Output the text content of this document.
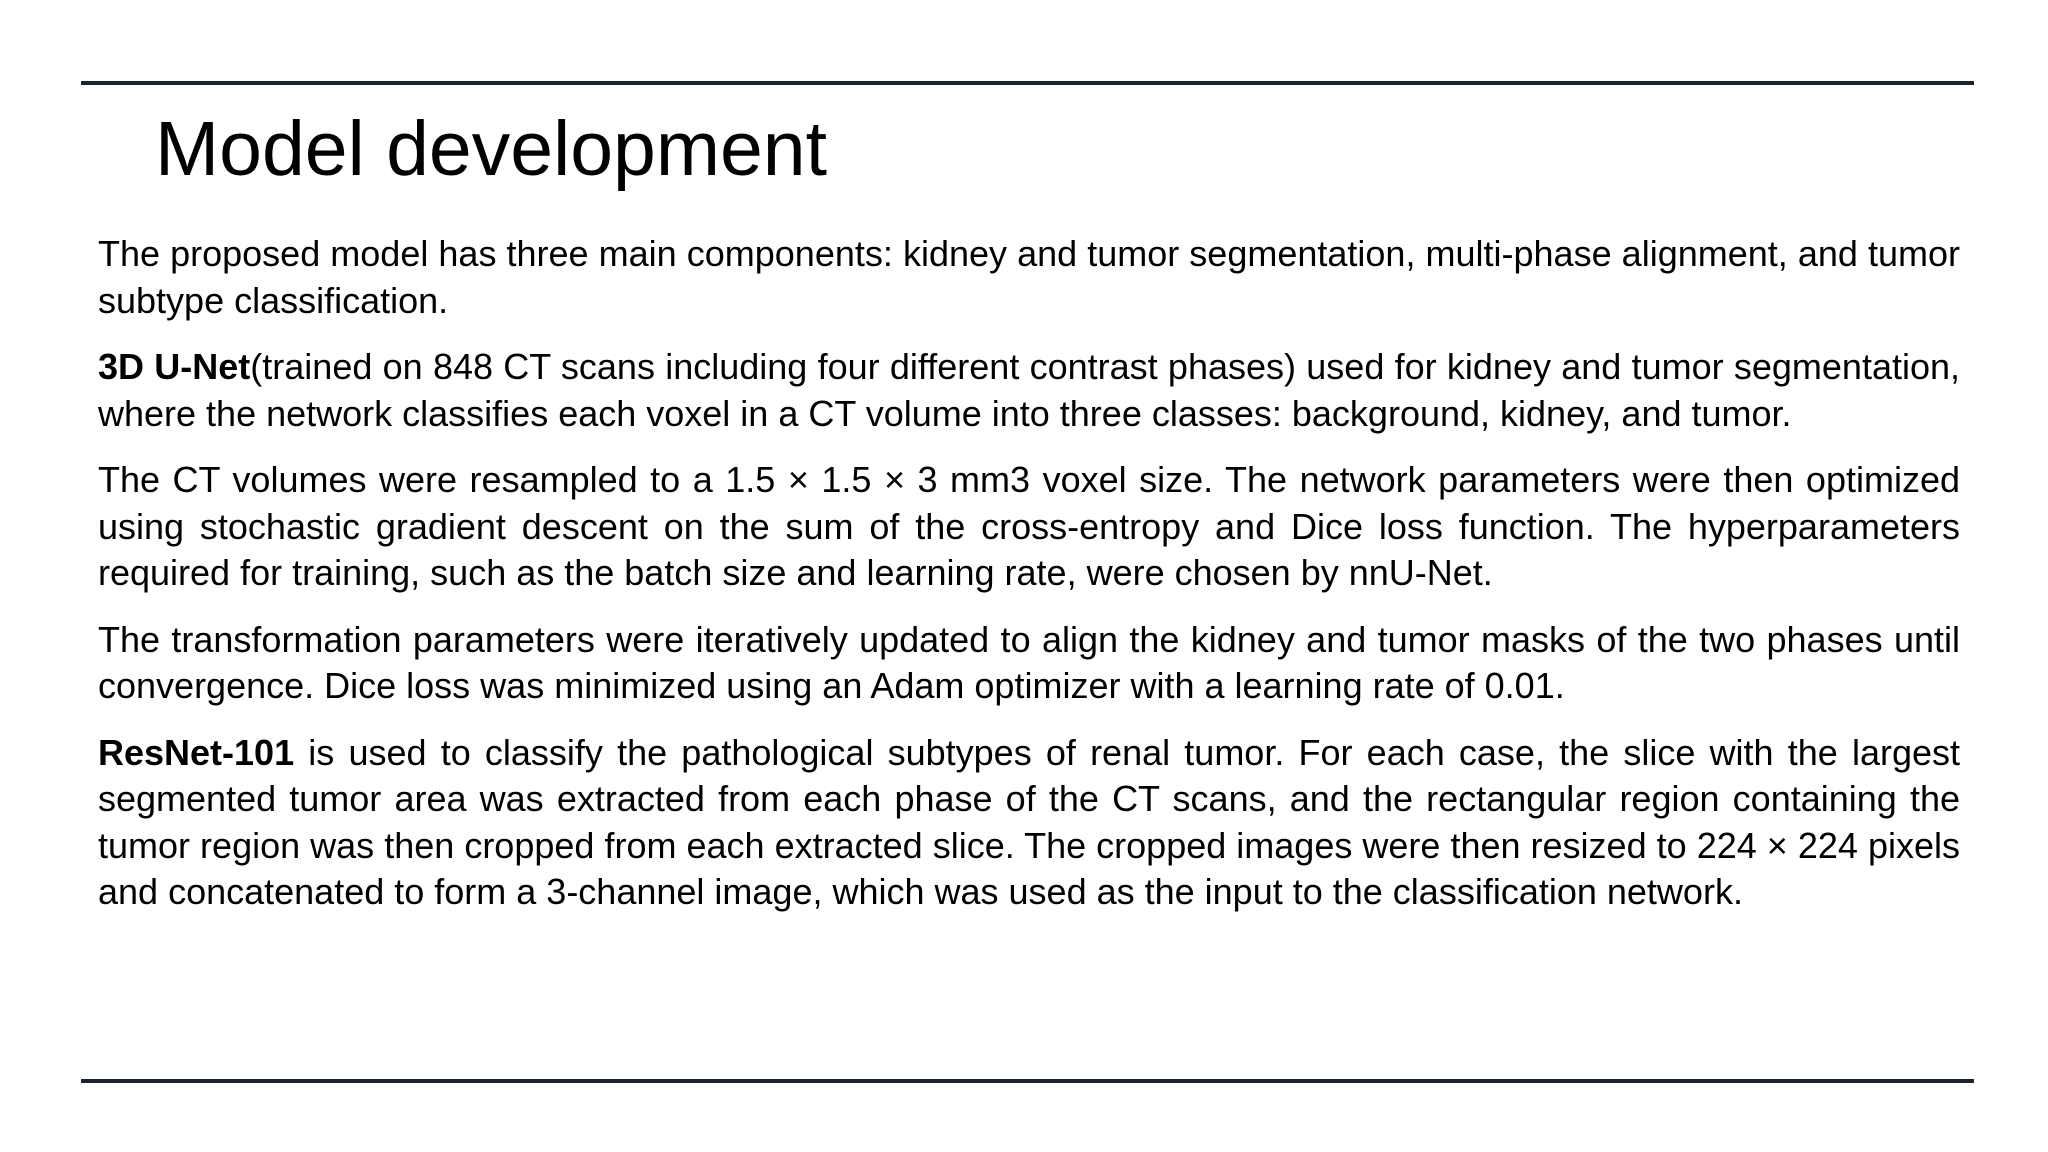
Model development

The proposed model has three main components: kidney and tumor segmentation, multi-phase alignment, and tumor subtype classification.

3D U-Net(trained on 848 CT scans including four different contrast phases) used for kidney and tumor segmentation, where the network classifies each voxel in a CT volume into three classes: background, kidney, and tumor.

The CT volumes were resampled to a 1.5 × 1.5 × 3 mm3 voxel size. The network parameters were then optimized using stochastic gradient descent on the sum of the cross-entropy and Dice loss function. The hyperparameters required for training, such as the batch size and learning rate, were chosen by nnU-Net.

The transformation parameters were iteratively updated to align the kidney and tumor masks of the two phases until convergence. Dice loss was minimized using an Adam optimizer with a learning rate of 0.01.

ResNet-101 is used to classify the pathological subtypes of renal tumor. For each case, the slice with the largest segmented tumor area was extracted from each phase of the CT scans, and the rectangular region containing the tumor region was then cropped from each extracted slice. The cropped images were then resized to 224 × 224 pixels and concatenated to form a 3-channel image, which was used as the input to the classification network.
